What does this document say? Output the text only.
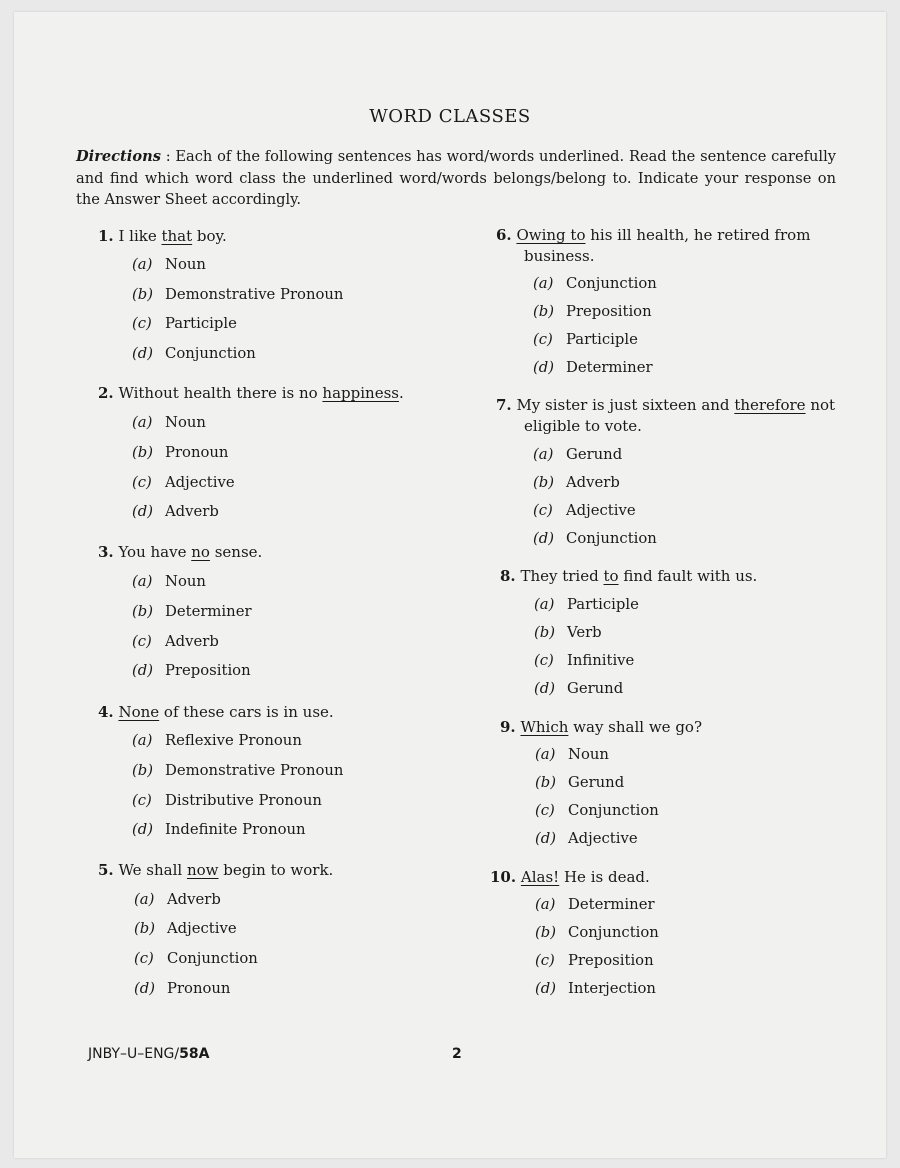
WORD CLASSES
Directions : Each of the following sentences has word/words underlined. Read the sentence carefully and find which word class the underlined word/words belongs/belong to. Indicate your response on the Answer Sheet accordingly.
1. I like that boy.
(a) Noun
(b) Demonstrative Pronoun
(c) Participle
(d) Conjunction
2. Without health there is no happiness.
(a) Noun
(b) Pronoun
(c) Adjective
(d) Adverb
3. You have no sense.
(a) Noun
(b) Determiner
(c) Adverb
(d) Preposition
4. None of these cars is in use.
(a) Reflexive Pronoun
(b) Demonstrative Pronoun
(c) Distributive Pronoun
(d) Indefinite Pronoun
5. We shall now begin to work.
(a) Adverb
(b) Adjective
(c) Conjunction
(d) Pronoun
6. Owing to his ill health, he retired from business.
(a) Conjunction
(b) Preposition
(c) Participle
(d) Determiner
7. My sister is just sixteen and therefore not eligible to vote.
(a) Gerund
(b) Adverb
(c) Adjective
(d) Conjunction
8. They tried to find fault with us.
(a) Participle
(b) Verb
(c) Infinitive
(d) Gerund
9. Which way shall we go?
(a) Noun
(b) Gerund
(c) Conjunction
(d) Adjective
10. Alas! He is dead.
(a) Determiner
(b) Conjunction
(c) Preposition
(d) Interjection
JNBY–U–ENG/58A	2
